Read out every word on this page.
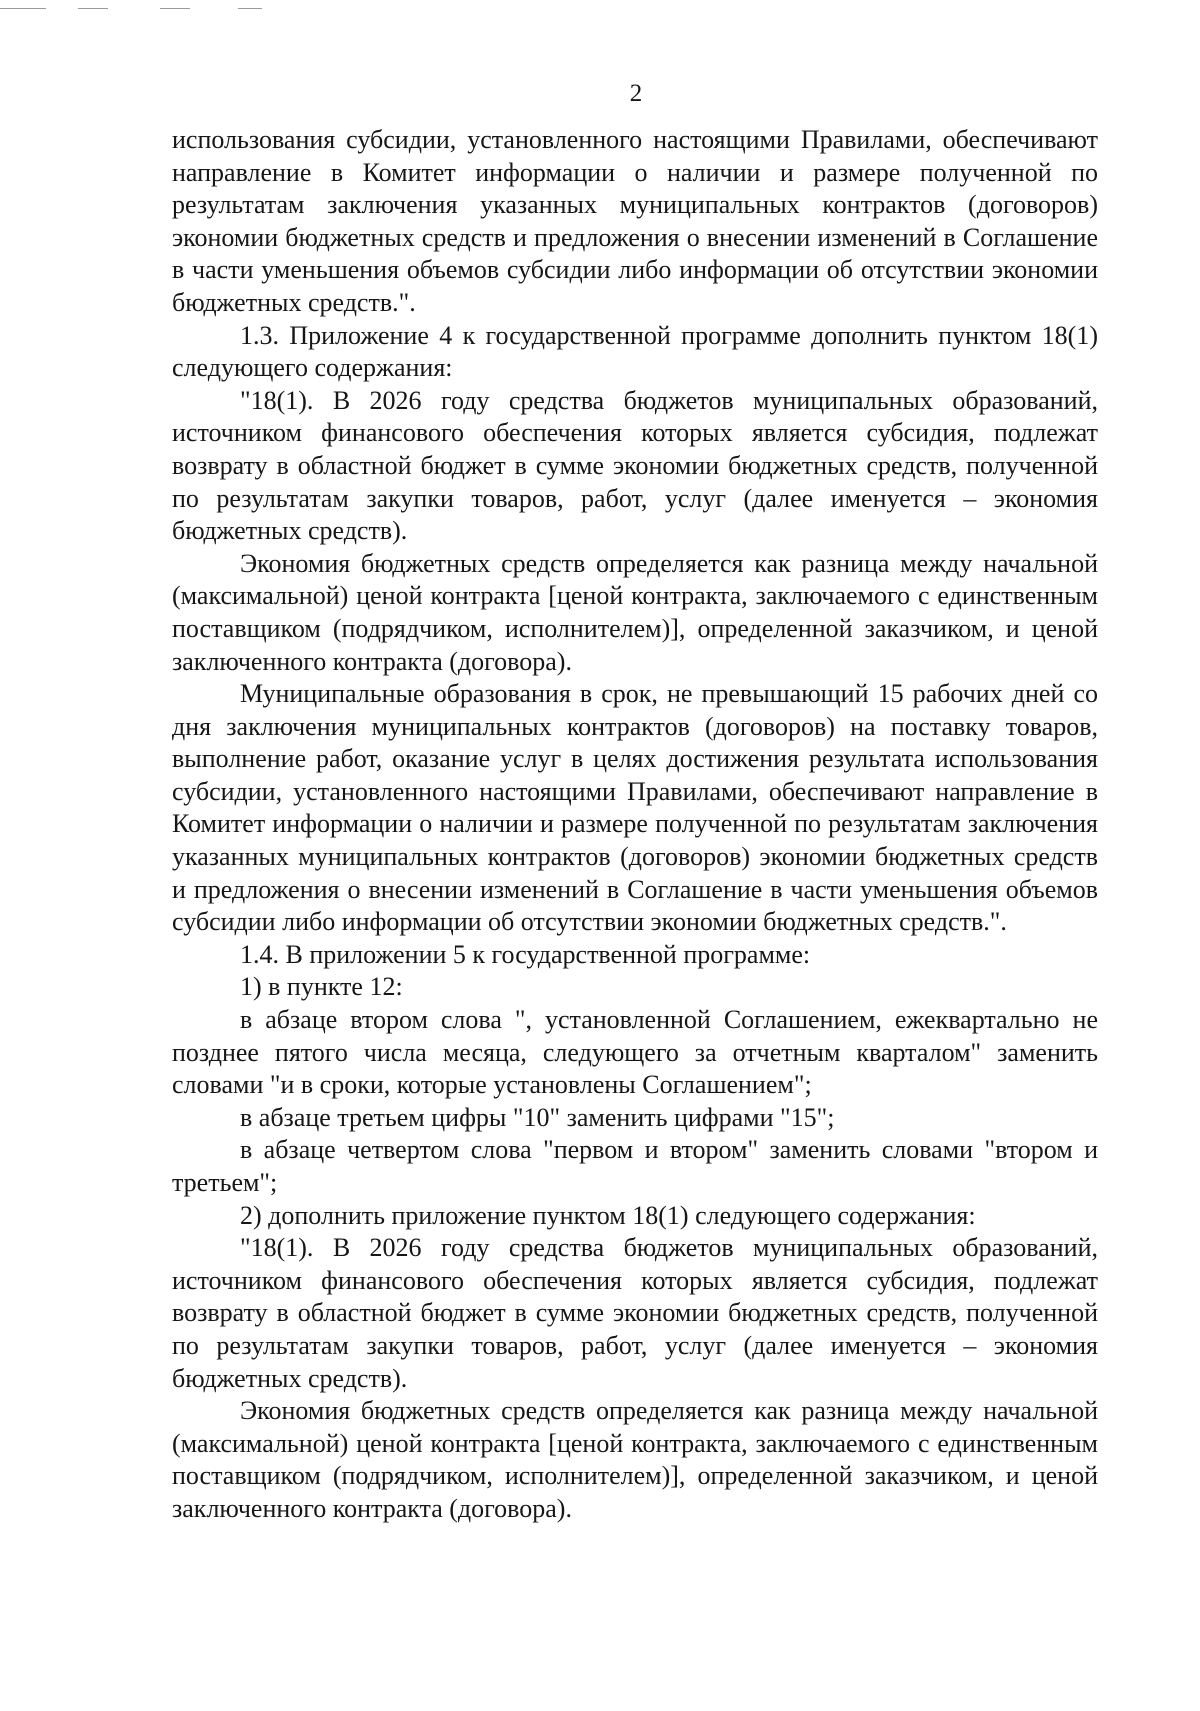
2

использования субсидии, установленного настоящими Правилами, обеспечивают направление в Комитет информации о наличии и размере полученной по результатам заключения указанных муниципальных контрактов (договоров) экономии бюджетных средств и предложения о внесении изменений в Соглашение в части уменьшения объемов субсидии либо информации об отсутствии экономии бюджетных средств.".

1.3. Приложение 4 к государственной программе дополнить пунктом 18(1) следующего содержания:

"18(1). В 2026 году средства бюджетов муниципальных образований, источником финансового обеспечения которых является субсидия, подлежат возврату в областной бюджет в сумме экономии бюджетных средств, полученной по результатам закупки товаров, работ, услуг (далее именуется – экономия бюджетных средств).

Экономия бюджетных средств определяется как разница между начальной (максимальной) ценой контракта [ценой контракта, заключаемого с единственным поставщиком (подрядчиком, исполнителем)], определенной заказчиком, и ценой заключенного контракта (договора).

Муниципальные образования в срок, не превышающий 15 рабочих дней со дня заключения муниципальных контрактов (договоров) на поставку товаров, выполнение работ, оказание услуг в целях достижения результата использования субсидии, установленного настоящими Правилами, обеспечивают направление в Комитет информации о наличии и размере полученной по результатам заключения указанных муниципальных контрактов (договоров) экономии бюджетных средств и предложения о внесении изменений в Соглашение в части уменьшения объемов субсидии либо информации об отсутствии экономии бюджетных средств.".

1.4. В приложении 5 к государственной программе:

1) в пункте 12:

в абзаце втором слова ", установленной Соглашением, ежеквартально не позднее пятого числа месяца, следующего за отчетным кварталом" заменить словами "и в сроки, которые установлены Соглашением";

в абзаце третьем цифры "10" заменить цифрами "15";

в абзаце четвертом слова "первом и втором" заменить словами "втором и третьем";

2) дополнить приложение пунктом 18(1) следующего содержания:

"18(1). В 2026 году средства бюджетов муниципальных образований, источником финансового обеспечения которых является субсидия, подлежат возврату в областной бюджет в сумме экономии бюджетных средств, полученной по результатам закупки товаров, работ, услуг (далее именуется – экономия бюджетных средств).

Экономия бюджетных средств определяется как разница между начальной (максимальной) ценой контракта [ценой контракта, заключаемого с единственным поставщиком (подрядчиком, исполнителем)], определенной заказчиком, и ценой заключенного контракта (договора).
